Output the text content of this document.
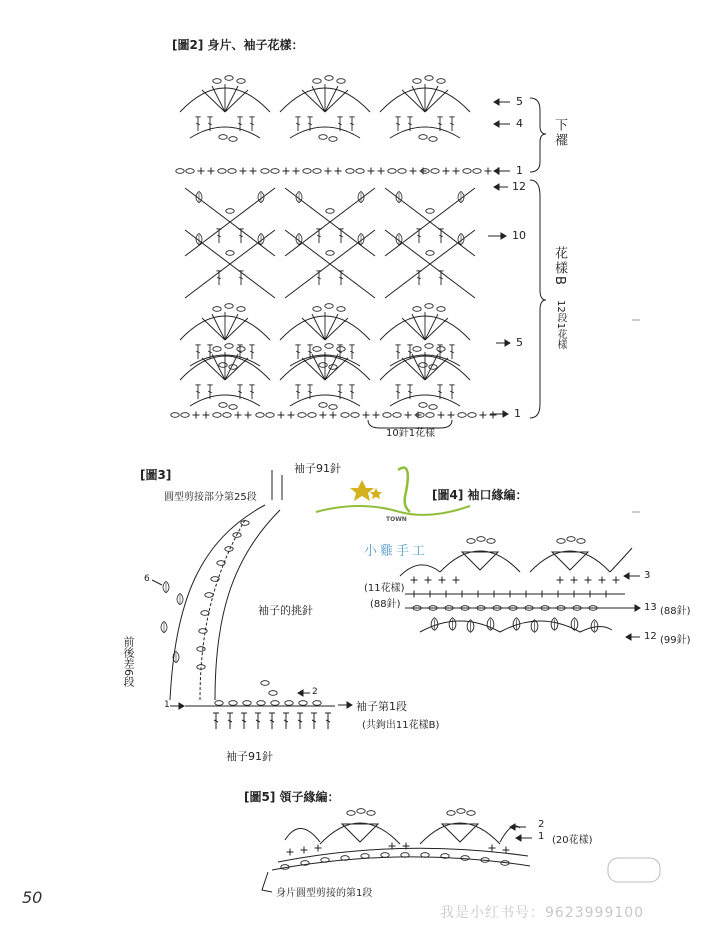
[圖2] 身片、袖子花樣：
5
4
1
12
10
5
1
下襬
花樣B
12段1花樣
10針1花樣
[圖3]	袖子91針
圓型剪接部分第25段
袖子的挑針
前後差6段
6
2
1	袖子第1段
(共鉤出11花樣B)
袖子91針
[圖4] 袖口緣編：
(11花樣)
(88針)
3
13 (88針)
12 (99針)
TOWN
小雞手工
[圖5] 領子緣編：
2
1 (20花樣)
身片圓型剪接的第1段
50
我是小红书号：9623999100
